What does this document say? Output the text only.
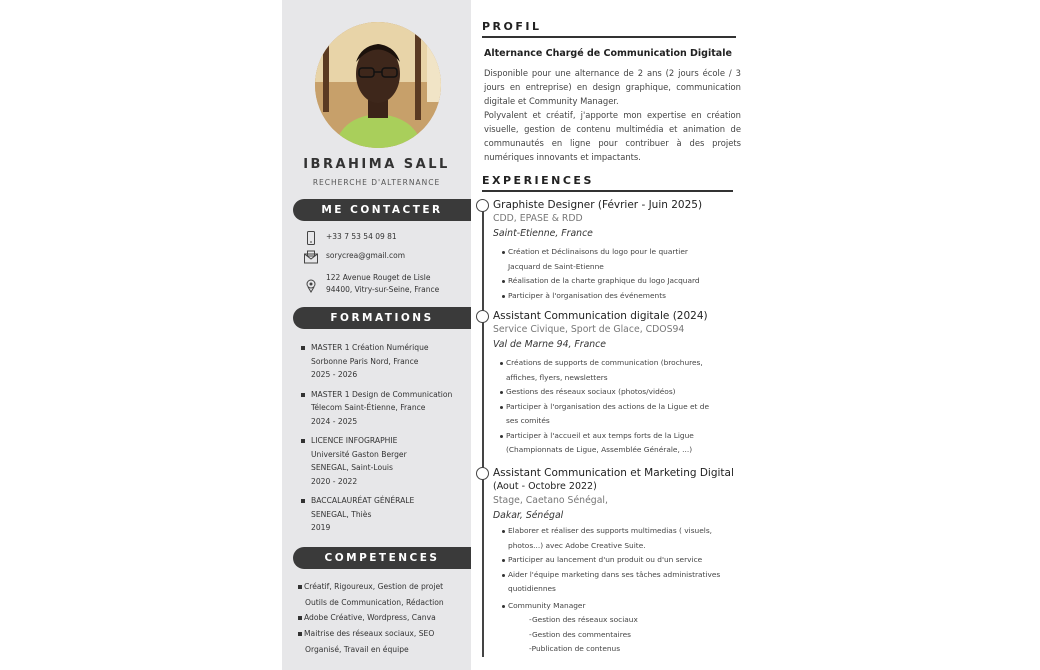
IBRAHIMA SALL
RECHERCHE D'ALTERNANCE
ME CONTACTER
+33 7 53 54 09 81
sorycrea@gmail.com
122 Avenue Rouget de Lisle
94400, Vitry-sur-Seine, France
FORMATIONS
MASTER 1 Création Numérique
Sorbonne Paris Nord, France
2025 - 2026
MASTER 1 Design de Communication
Télecom Saint-Étienne, France
2024 - 2025
LICENCE INFOGRAPHIE
Université Gaston Berger
SENEGAL, Saint-Louis
2020 - 2022
BACCALAURÉAT GÉNÉRALE
SENEGAL, Thiès
2019
COMPETENCES
Créatif, Rigoureux, Gestion de projet
Outils de Communication, Rédaction
Adobe Créative, Wordpress, Canva
Maitrise des réseaux sociaux, SEO
Organisé, Travail en équipe
PROFIL
Alternance Chargé de Communication Digitale
Disponible pour une alternance de 2 ans (2 jours école / 3 jours en entreprise) en design graphique, communication digitale et Community Manager.
Polyvalent et créatif, j'apporte mon expertise en création visuelle, gestion de contenu multimédia et animation de communautés en ligne pour contribuer à des projets numériques innovants et impactants.
EXPERIENCES
Graphiste Designer (Février - Juin 2025)
CDD, EPASE & RDD
Saint-Etienne, France
Création et Déclinaisons du logo pour le quartier
Jacquard de Saint-Etienne
Réalisation de la charte graphique du logo Jacquard
Participer à l'organisation des événements
Assistant Communication digitale (2024)
Service Civique, Sport de Glace, CDOS94
Val de Marne 94, France
Créations de supports de communication (brochures,
affiches, flyers, newsletters
Gestions des réseaux sociaux (photos/vidéos)
Participer à l'organisation des actions de la Ligue et de
ses comités
Participer à l'accueil et aux temps forts de la Ligue
(Championnats de Ligue, Assemblée Générale, ...)
Assistant Communication et Marketing Digital
(Aout - Octobre 2022)
Stage, Caetano Sénégal,
Dakar, Sénégal
Elaborer et réaliser des supports multimedias ( visuels,
photos...) avec Adobe Creative Suite.
Participer au lancement d'un produit ou d'un service
Aider l'équipe marketing dans ses tâches administratives
quotidiennes
Community Manager
-Gestion des réseaux sociaux
-Gestion des commentaires
-Publication de contenus
